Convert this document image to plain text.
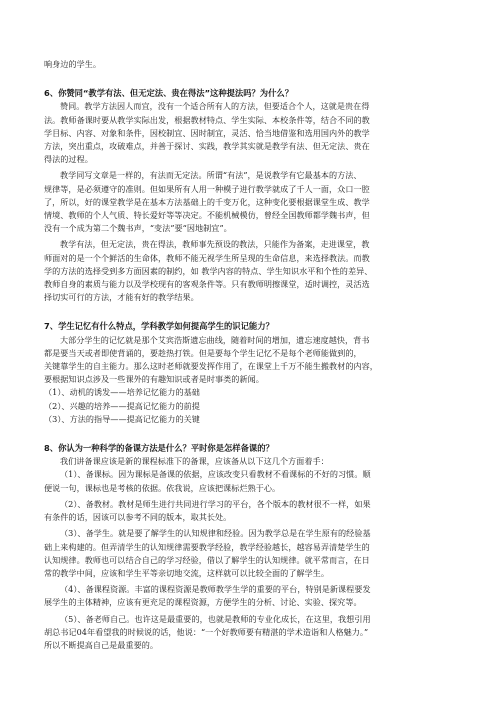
响身边的学生。
6、你赞同“教学有法、但无定法、贵在得法”这种提法吗？为什么？
赞同。教学方法因人而宜，没有一个适合所有人的方法，但要适合个人，这就是贵在得
法。教师备课时要从教学实际出发，根据教材特点、学生实际、本校条件等，结合不同的教
学目标、内容、对象和条件，因校制宜、因时制宜，灵活、恰当地借鉴和选用国内外的教学
方法，突出重点，攻破难点，并善于探讨、实践，教学其实就是教学有法、但无定法、贵在
得法的过程。
教学同写文章是一样的，有法而无定法。所谓“有法”，是说教学有它最基本的方法、
规律等，是必须遵守的准则。但如果所有人用一种模子进行教学就成了千人一面，众口一腔
了，所以，好的课堂教学是在基本方法基础上的千变万化，这种变化要根据课堂生成、教学
情境、教师的个人气质、特长爱好等等决定。不能机械模仿，曾经全国教师都学魏书声，但
没有一个成为第二个魏书声，“变法”要“因地制宜”。
教学有法，但无定法，贵在得法，教师事先预设的教法，只能作为备案，走进课堂，教
师面对的是一个个鲜活的生命体，教师不能无视学生所呈现的生命信息，来选择教法。而教
学的方法的选择受到多方面因素的制约，如 教学内容的特点、学生知识水平和个性的差异、
教师自身的素质与能力以及学校现有的客观条件等。只有教师明擦课堂，适时调控，灵活选
择切实可行的方法，才能有好的教学结果。
7、学生记忆有什么特点，学科教学如何提高学生的识记能力？
大部分学生的记忆就是那个艾宾浩斯遗忘曲线，随着时间的增加，遗忘速度越快，背书
都是要当天或者即使背诵的，要趁热打铁。但是要每个学生记忆不是每个老师能做到的，
关键靠学生的自主能力。那么这时老师就要发挥作用了，在课堂上千万不能生搬教材的内容，
要根据知识点涉及一些课外的有趣知识或者是时事类的新闻。
（1）、动机的诱发——培养记忆能力的基础
（2）、兴趣的培养——提高记忆能力的前提
（3）、方法的指导——提高记忆能力的关键
8、你认为一种科学的备课方法是什么？平时你是怎样备课的？
我们讲备课应该是新的课程标准下的备课，应该备从以下这几个方面着手：
（1）、备课标。因为课标是备课的依据，应该改变只看教材不看课标的不好的习惯。顺
便说一句，课标也是考核的依据。依我说，应该把课标烂熟于心。
（2）、备教材。教材是师生进行共同进行学习的平台，各个版本的教材很不一样，如果
有条件的话，因该可以参考不同的版本，取其长处。
（3）、备学生。就是要了解学生的认知规律和经验。因为教学总是在学生原有的经验基
础上来构建的。但弄清学生的认知规律需要教学经验，教学经验越长，越容易弄清楚学生的
认知规律。教师也可以结合自己的学习经验，借以了解学生的认知规律。就平常而言，在日
常的教学中间，应该和学生平等亲切地交流，这样就可以比较全面的了解学生。
（4）、备课程资源。丰富的课程资源是教师教学生学的重要的平台，特别是新课程要发
展学生的主体精神，应该有更充足的课程资源，方便学生的分析、讨论、实验、探究等。
（5）、备老师自己。也许这是最重要的，也就是教师的专业化成长，在这里，我想引用
胡总书记04年看望我的时候说的话，他说：“一个好教师要有精湛的学术造诣和人格魅力。”
所以不断提高自己是最重要的。
